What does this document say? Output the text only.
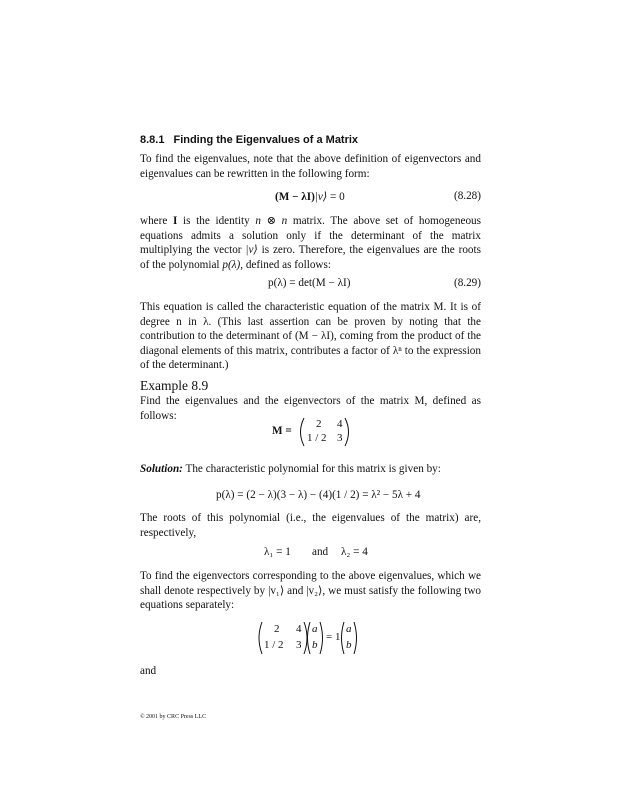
8.8.1 Finding the Eigenvalues of a Matrix
To find the eigenvalues, note that the above definition of eigenvectors and eigenvalues can be rewritten in the following form:
(M − λI)|v⟩ = 0	(8.28)
where I is the identity n ⊗ n matrix. The above set of homogeneous equations admits a solution only if the determinant of the matrix multiplying the vector |v⟩ is zero. Therefore, the eigenvalues are the roots of the polynomial p(λ), defined as follows:
p(λ) = det(M − λI)	(8.29)
This equation is called the characteristic equation of the matrix M. It is of degree n in λ. (This last assertion can be proven by noting that the contribution to the determinant of (M − λI), coming from the product of the diagonal elements of this matrix, contributes a factor of λⁿ to the expression of the determinant.)
Example 8.9
Find the eigenvalues and the eigenvectors of the matrix M, defined as follows:
M =
2 4
1 / 2 3
Solution: The characteristic polynomial for this matrix is given by:
p(λ) = (2 − λ)(3 − λ) − (4)(1 / 2) = λ² − 5λ + 4
The roots of this polynomial (i.e., the eigenvalues of the matrix) are, respectively,
λ₁ = 1 and λ₂ = 4
To find the eigenvectors corresponding to the above eigenvalues, which we shall denote respectively by |v₁⟩ and |v₂⟩, we must satisfy the following two equations separately:
2 4
1 / 2 3
a
b
= 1
a
b
and
© 2001 by CRC Press LLC
